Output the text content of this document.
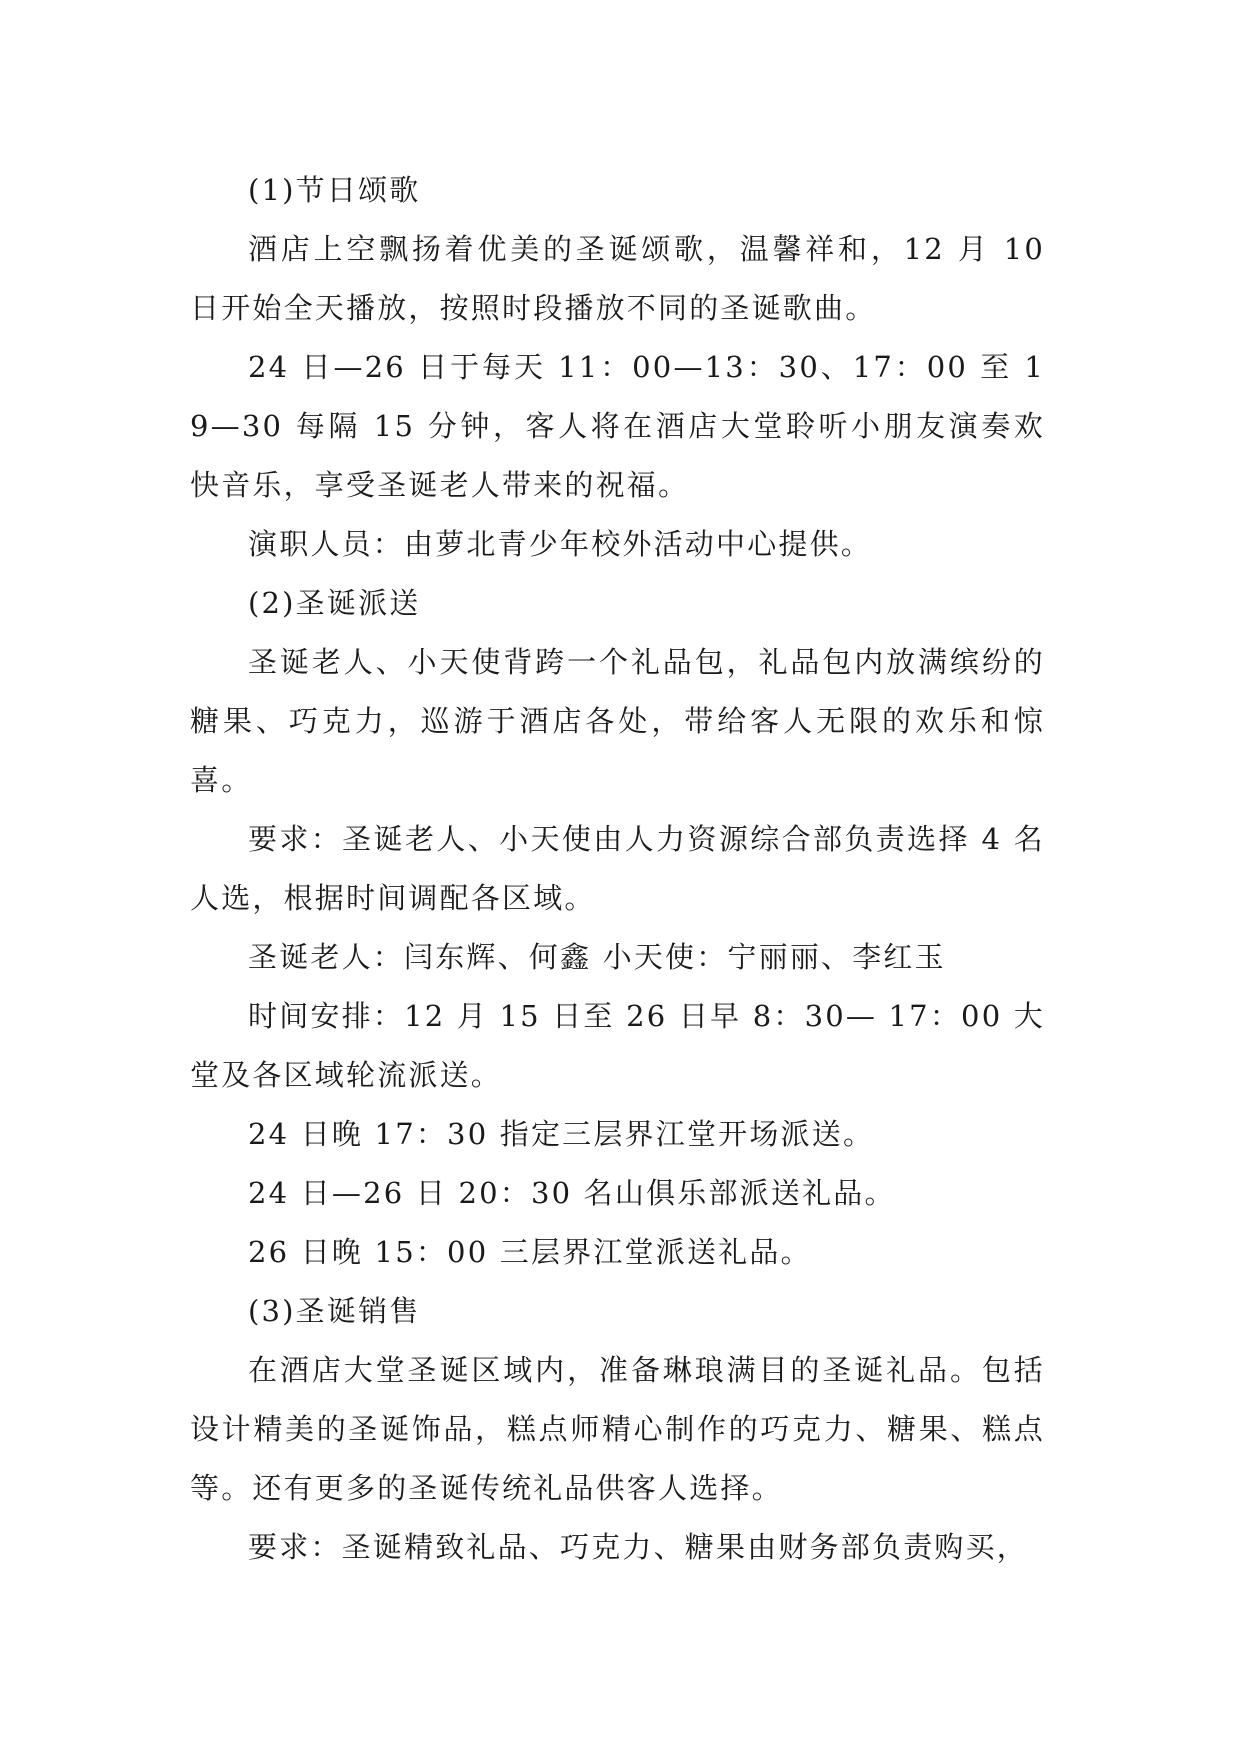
(1)节日颂歌

酒店上空飘扬着优美的圣诞颂歌，温馨祥和，12 月 10 日开始全天播放，按照时段播放不同的圣诞歌曲。

24 日—26 日于每天 11：00—13：30、17：00 至 19—30 每隔 15 分钟，客人将在酒店大堂聆听小朋友演奏欢快音乐，享受圣诞老人带来的祝福。

演职人员：由萝北青少年校外活动中心提供。

(2)圣诞派送

圣诞老人、小天使背跨一个礼品包，礼品包内放满缤纷的糖果、巧克力，巡游于酒店各处，带给客人无限的欢乐和惊喜。

要求：圣诞老人、小天使由人力资源综合部负责选择 4 名人选，根据时间调配各区域。

圣诞老人：闫东辉、何鑫 小天使：宁丽丽、李红玉

时间安排：12 月 15 日至 26 日早 8：30— 17：00 大堂及各区域轮流派送。

24 日晚 17：30 指定三层界江堂开场派送。

24 日—26 日 20：30 名山俱乐部派送礼品。

26 日晚 15：00 三层界江堂派送礼品。

(3)圣诞销售

在酒店大堂圣诞区域内，准备琳琅满目的圣诞礼品。包括设计精美的圣诞饰品，糕点师精心制作的巧克力、糖果、糕点等。还有更多的圣诞传统礼品供客人选择。

要求：圣诞精致礼品、巧克力、糖果由财务部负责购买，
